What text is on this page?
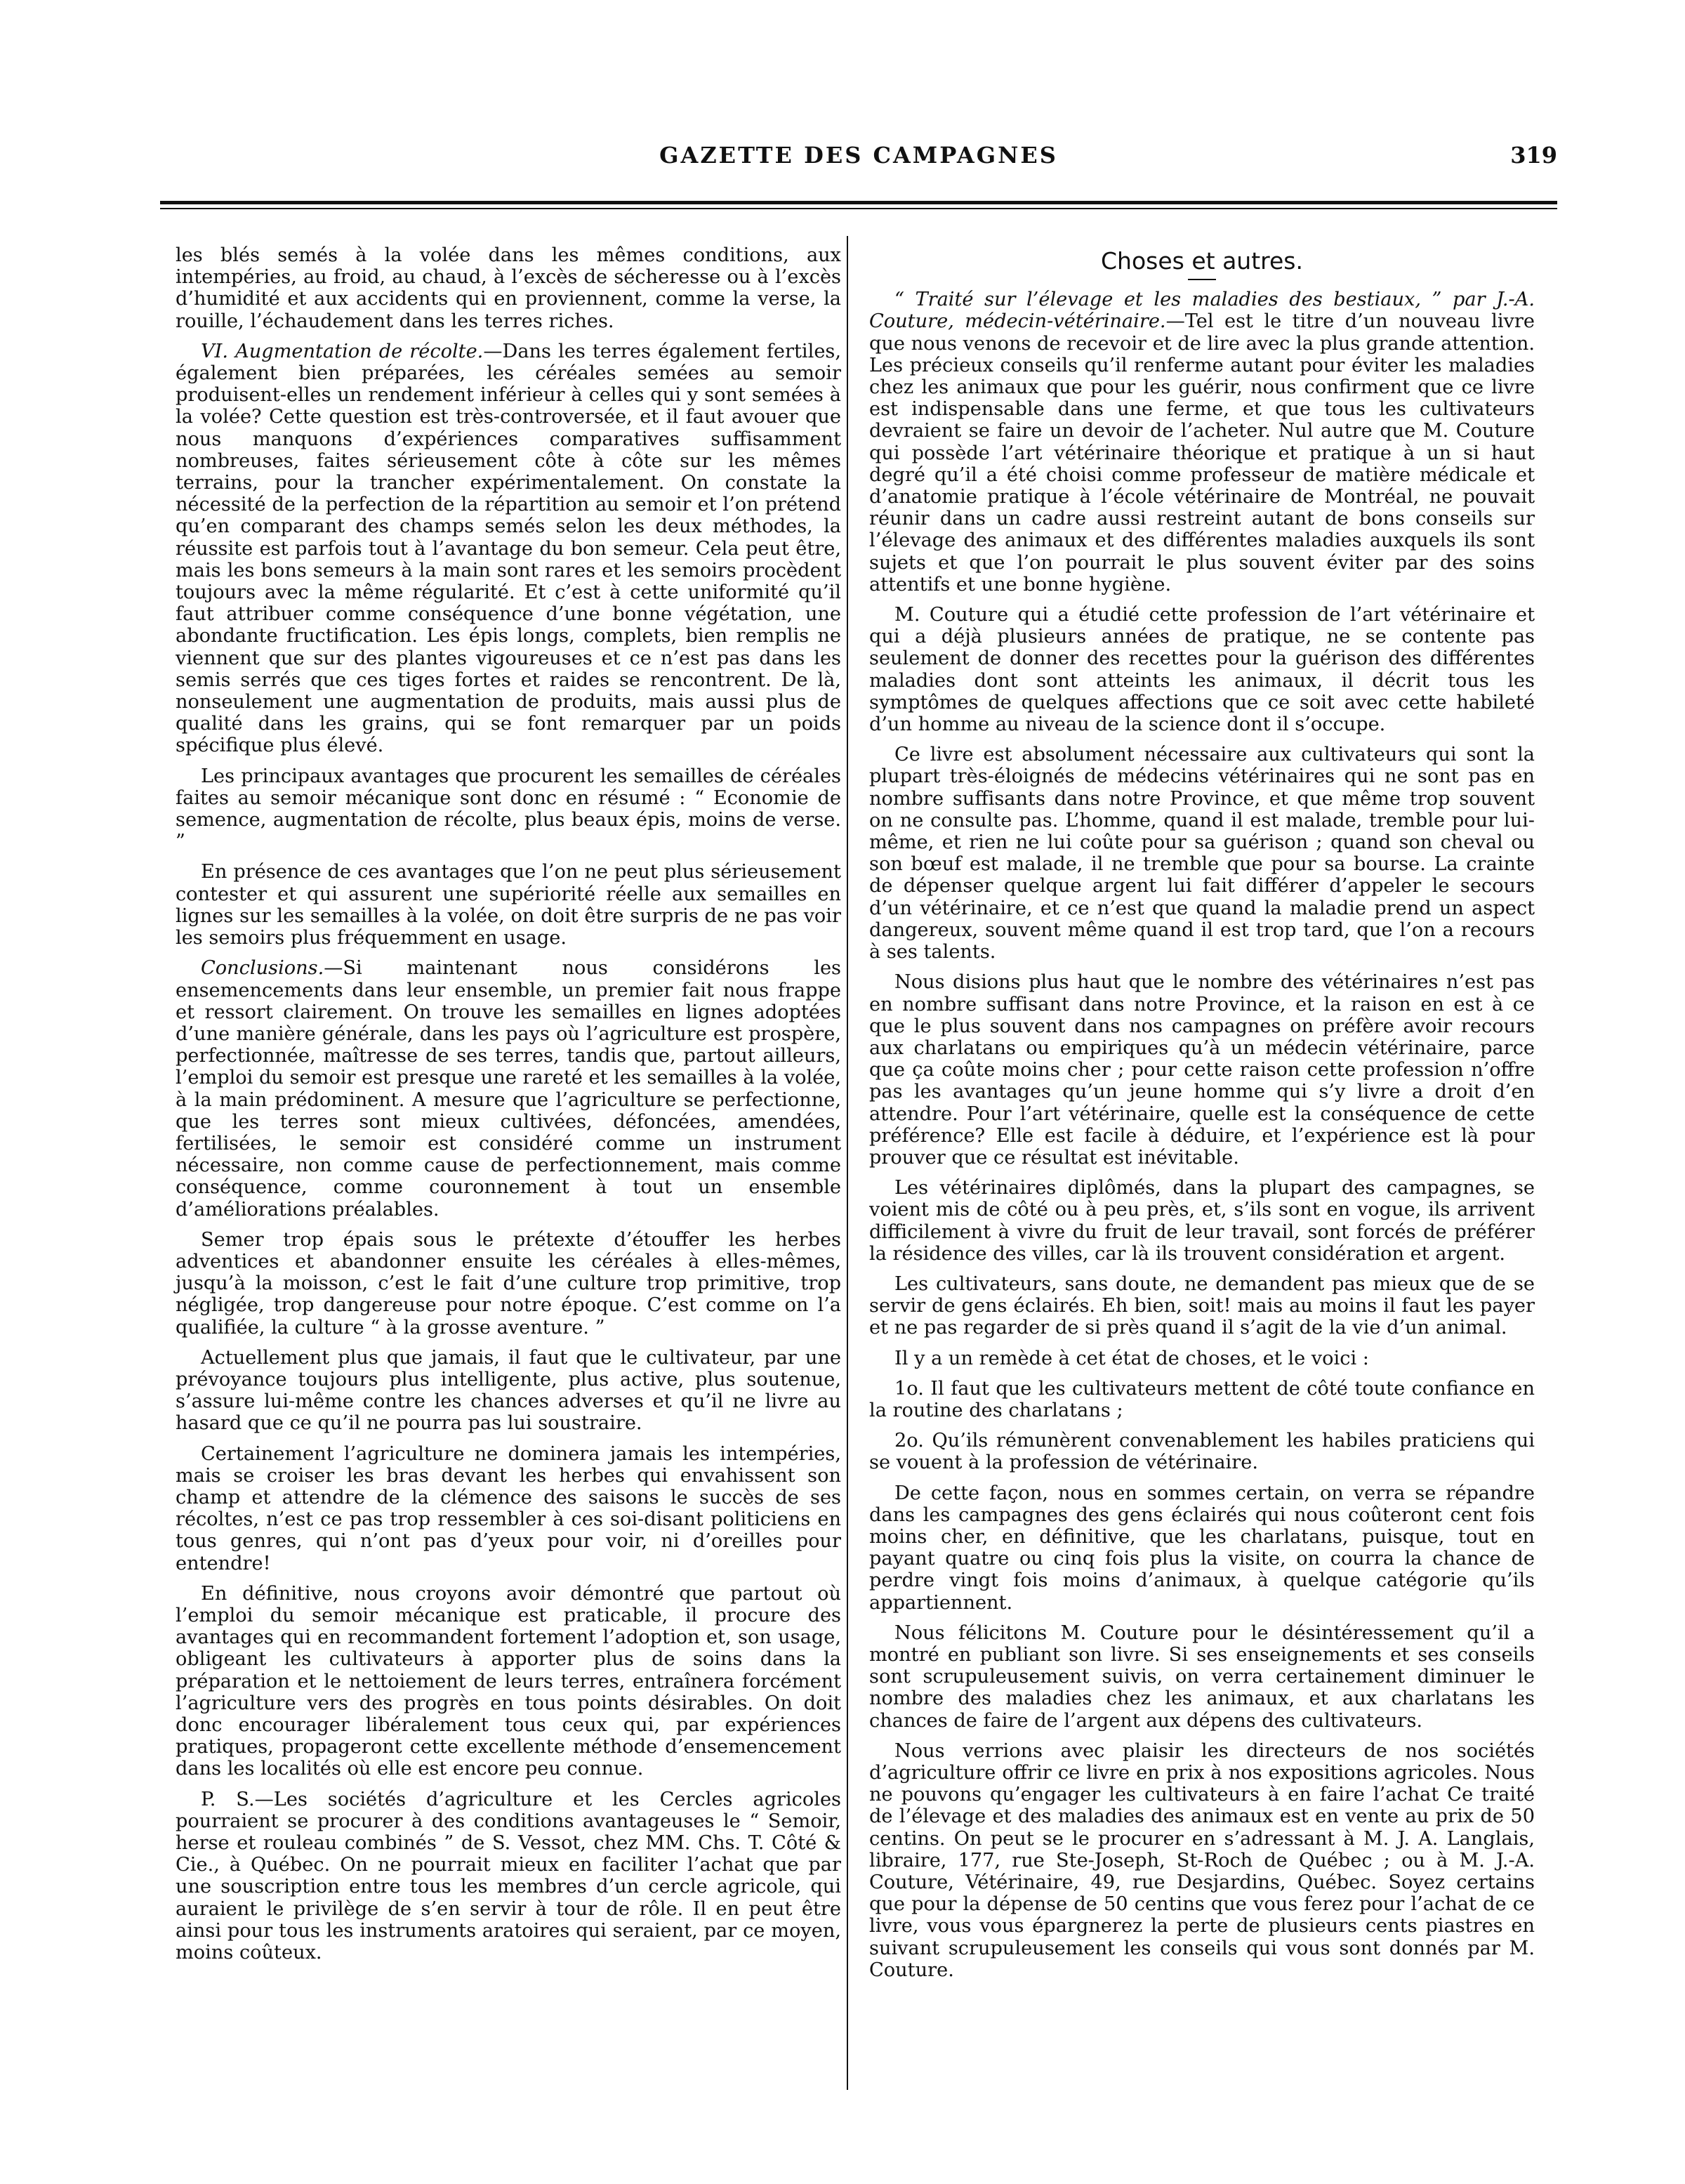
GAZETTE DES CAMPAGNES	319

les blés semés à la volée dans les mêmes conditions, aux intempéries, au froid, au chaud, à l’excès de sécheresse ou à l’excès d’humidité et aux accidents qui en proviennent, comme la verse, la rouille, l’échaudement dans les terres riches.

VI. Augmentation de récolte.—Dans les terres également fertiles, également bien préparées, les céréales semées au semoir produisent-elles un rendement inférieur à celles qui y sont semées à la volée? Cette question est très-controversée, et il faut avouer que nous manquons d’expériences comparatives suffisamment nombreuses, faites sérieusement côte à côte sur les mêmes terrains, pour la trancher expérimentalement. On constate la nécessité de la perfection de la répartition au semoir et l’on prétend qu’en comparant des champs semés selon les deux méthodes, la réussite est parfois tout à l’avantage du bon semeur. Cela peut être, mais les bons semeurs à la main sont rares et les semoirs procèdent toujours avec la même régularité. Et c’est à cette uniformité qu’il faut attribuer comme conséquence d’une bonne végétation, une abondante fructification. Les épis longs, complets, bien remplis ne viennent que sur des plantes vigoureuses et ce n’est pas dans les semis serrés que ces tiges fortes et raides se rencontrent. De là, nonseulement une augmentation de produits, mais aussi plus de qualité dans les grains, qui se font remarquer par un poids spécifique plus élevé.

Les principaux avantages que procurent les semailles de céréales faites au semoir mécanique sont donc en résumé : “ Economie de semence, augmentation de récolte, plus beaux épis, moins de verse. ”

En présence de ces avantages que l’on ne peut plus sérieusement contester et qui assurent une supériorité réelle aux semailles en lignes sur les semailles à la volée, on doit être surpris de ne pas voir les semoirs plus fréquemment en usage.

Conclusions.—Si maintenant nous considérons les ensemencements dans leur ensemble, un premier fait nous frappe et ressort clairement. On trouve les semailles en lignes adoptées d’une manière générale, dans les pays où l’agriculture est prospère, perfectionnée, maîtresse de ses terres, tandis que, partout ailleurs, l’emploi du semoir est presque une rareté et les semailles à la volée, à la main prédominent. A mesure que l’agriculture se perfectionne, que les terres sont mieux cultivées, défoncées, amendées, fertilisées, le semoir est considéré comme un instrument nécessaire, non comme cause de perfectionnement, mais comme conséquence, comme couronnement à tout un ensemble d’améliorations préalables.

Semer trop épais sous le prétexte d’étouffer les herbes adventices et abandonner ensuite les céréales à elles-mêmes, jusqu’à la moisson, c’est le fait d’une culture trop primitive, trop négligée, trop dangereuse pour notre époque. C’est comme on l’a qualifiée, la culture “ à la grosse aventure. ”

Actuellement plus que jamais, il faut que le cultivateur, par une prévoyance toujours plus intelligente, plus active, plus soutenue, s’assure lui-même contre les chances adverses et qu’il ne livre au hasard que ce qu’il ne pourra pas lui soustraire.

Certainement l’agriculture ne dominera jamais les intempéries, mais se croiser les bras devant les herbes qui envahissent son champ et attendre de la clémence des saisons le succès de ses récoltes, n’est ce pas trop ressembler à ces soi-disant politiciens en tous genres, qui n’ont pas d’yeux pour voir, ni d’oreilles pour entendre!

En définitive, nous croyons avoir démontré que partout où l’emploi du semoir mécanique est praticable, il procure des avantages qui en recommandent fortement l’adoption et, son usage, obligeant les cultivateurs à apporter plus de soins dans la préparation et le nettoiement de leurs terres, entraînera forcément l’agriculture vers des progrès en tous points désirables. On doit donc encourager libéralement tous ceux qui, par expériences pratiques, propageront cette excellente méthode d’ensemencement dans les localités où elle est encore peu connue.

P. S.—Les sociétés d’agriculture et les Cercles agricoles pourraient se procurer à des conditions avantageuses le “ Semoir, herse et rouleau combinés ” de S. Vessot, chez MM. Chs. T. Côté & Cie., à Québec. On ne pourrait mieux en faciliter l’achat que par une souscription entre tous les membres d’un cercle agricole, qui auraient le privilège de s’en servir à tour de rôle. Il en peut être ainsi pour tous les instruments aratoires qui seraient, par ce moyen, moins coûteux.

Choses et autres.

“ Traité sur l’élevage et les maladies des bestiaux, ” par J.-A. Couture, médecin-vétérinaire.—Tel est le titre d’un nouveau livre que nous venons de recevoir et de lire avec la plus grande attention. Les précieux conseils qu’il renferme autant pour éviter les maladies chez les animaux que pour les guérir, nous confirment que ce livre est indispensable dans une ferme, et que tous les cultivateurs devraient se faire un devoir de l’acheter. Nul autre que M. Couture qui possède l’art vétérinaire théorique et pratique à un si haut degré qu’il a été choisi comme professeur de matière médicale et d’anatomie pratique à l’école vétérinaire de Montréal, ne pouvait réunir dans un cadre aussi restreint autant de bons conseils sur l’élevage des animaux et des différentes maladies auxquels ils sont sujets et que l’on pourrait le plus souvent éviter par des soins attentifs et une bonne hygiène.

M. Couture qui a étudié cette profession de l’art vétérinaire et qui a déjà plusieurs années de pratique, ne se contente pas seulement de donner des recettes pour la guérison des différentes maladies dont sont atteints les animaux, il décrit tous les symptômes de quelques affections que ce soit avec cette habileté d’un homme au niveau de la science dont il s’occupe.

Ce livre est absolument nécessaire aux cultivateurs qui sont la plupart très-éloignés de médecins vétérinaires qui ne sont pas en nombre suffisants dans notre Province, et que même trop souvent on ne consulte pas. L’homme, quand il est malade, tremble pour lui-même, et rien ne lui coûte pour sa guérison ; quand son cheval ou son bœuf est malade, il ne tremble que pour sa bourse. La crainte de dépenser quelque argent lui fait différer d’appeler le secours d’un vétérinaire, et ce n’est que quand la maladie prend un aspect dangereux, souvent même quand il est trop tard, que l’on a recours à ses talents.

Nous disions plus haut que le nombre des vétérinaires n’est pas en nombre suffisant dans notre Province, et la raison en est à ce que le plus souvent dans nos campagnes on préfère avoir recours aux charlatans ou empiriques qu’à un médecin vétérinaire, parce que ça coûte moins cher ; pour cette raison cette profession n’offre pas les avantages qu’un jeune homme qui s’y livre a droit d’en attendre. Pour l’art vétérinaire, quelle est la conséquence de cette préférence? Elle est facile à déduire, et l’expérience est là pour prouver que ce résultat est inévitable.

Les vétérinaires diplômés, dans la plupart des campagnes, se voient mis de côté ou à peu près, et, s’ils sont en vogue, ils arrivent difficilement à vivre du fruit de leur travail, sont forcés de préférer la résidence des villes, car là ils trouvent considération et argent.

Les cultivateurs, sans doute, ne demandent pas mieux que de se servir de gens éclairés. Eh bien, soit! mais au moins il faut les payer et ne pas regarder de si près quand il s’agit de la vie d’un animal.

Il y a un remède à cet état de choses, et le voici :

1o. Il faut que les cultivateurs mettent de côté toute confiance en la routine des charlatans ;

2o. Qu’ils rémunèrent convenablement les habiles praticiens qui se vouent à la profession de vétérinaire.

De cette façon, nous en sommes certain, on verra se répandre dans les campagnes des gens éclairés qui nous coûteront cent fois moins cher, en définitive, que les charlatans, puisque, tout en payant quatre ou cinq fois plus la visite, on courra la chance de perdre vingt fois moins d’animaux, à quelque catégorie qu’ils appartiennent.

Nous félicitons M. Couture pour le désintéressement qu’il a montré en publiant son livre. Si ses enseignements et ses conseils sont scrupuleusement suivis, on verra certainement diminuer le nombre des maladies chez les animaux, et aux charlatans les chances de faire de l’argent aux dépens des cultivateurs.

Nous verrions avec plaisir les directeurs de nos sociétés d’agriculture offrir ce livre en prix à nos expositions agricoles. Nous ne pouvons qu’engager les cultivateurs à en faire l’achat Ce traité de l’élevage et des maladies des animaux est en vente au prix de 50 centins. On peut se le procurer en s’adressant à M. J. A. Langlais, libraire, 177, rue Ste-Joseph, St-Roch de Québec ; ou à M. J.-A. Couture, Vétérinaire, 49, rue Desjardins, Québec. Soyez certains que pour la dépense de 50 centins que vous ferez pour l’achat de ce livre, vous vous épargnerez la perte de plusieurs cents piastres en suivant scrupuleusement les conseils qui vous sont donnés par M. Couture.
